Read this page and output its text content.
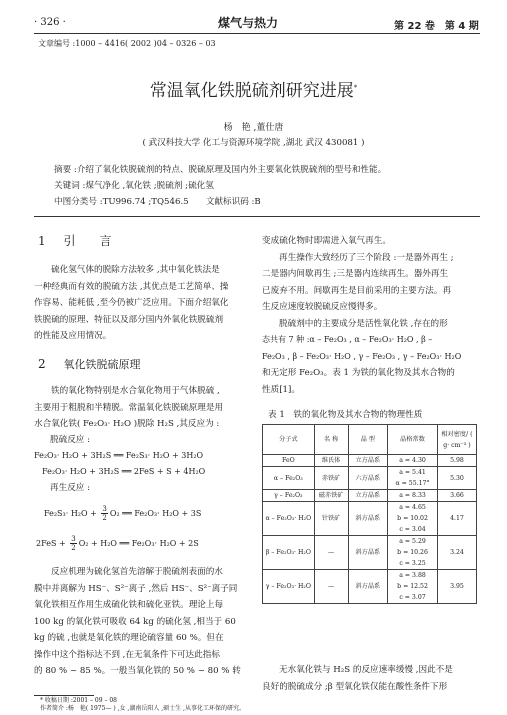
· 326 ·	煤气与热力	第 22 卷　第 4 期
文章编号 :1000 – 4416( 2002 )04 – 0326 – 03
常温氧化铁脱硫剂研究进展*
杨　艳 ,董仕唐
( 武汉科技大学 化工与资源环境学院 ,湖北 武汉 430081 )
摘要 :介绍了氧化铁脱硫剂的特点、脱硫原理及国内外主要氧化铁脱硫剂的型号和性能。
关键词 :煤气净化 ,氧化铁 ;脱硫剂 ;硫化氢
中图分类号 :TU996.74 ;TQ546.5　　文献标识码 :B
1 引　　言
硫化氢气体的脱除方法较多 ,其中氧化铁法是
一种经典而有效的脱硫方法 ,其优点是工艺简单、操
作容易、能耗低 ,至今仍被广泛应用。下面介绍氧化
铁脱硫的原理、特征以及部分国内外氧化铁脱硫剂
的性能及应用情况。
2 氧化铁脱硫原理
铁的氧化物特别是水合氧化物用于气体脱硫 ,
主要用于粗脱和半精脱。常温氧化铁脱硫原理是用
水合氧化铁( Fe₂O₃· H₂O )脱除 H₂S ,其反应为 :
脱硫反应 :
Fe₂O₃· H₂O + 3H₂S ══ Fe₂S₃· H₂O + 3H₂O
Fe₂O₃· H₂O + 3H₂S ══ 2FeS + S + 4H₂O
再生反应 :
$Fe_2S_3\cdot H_2O + \frac{3}{2} O_2$ ══ Fe₂O₃· H₂O + 3S
$2FeS + \frac{3}{2} O_2 + H_2O$ ══ Fe₂O₃· H₂O + 2S
反应机理为硫化氢首先溶解于脱硫剂表面的水
膜中并离解为 HS⁻、S²⁻离子 ,然后 HS⁻、S²⁻离子同
氧化铁相互作用生成硫化铁和硫化亚铁。理论上每
100 kg 的氧化铁可吸收 64 kg 的硫化氢 ,相当于 60
kg 的硫 ,也就是氧化铁的理论硫容量 60 %。但在
操作中这个指标达不到 ,在无氧条件下可达此指标
的 80 % ~ 85 %。一般当氧化铁的 50 % ~ 80 % 转
变成硫化物时即需进入氧气再生。
再生操作大致经历了三个阶段 :一是器外再生 ;
二是器内间歇再生 ;三是器内连续再生。器外再生
已废弃不用。间歇再生是目前采用的主要方法。再
生反应速度较脱硫反应慢得多。
脱硫剂中的主要成分是活性氧化铁 ,存在的形
态共有 7 种 :α – Fe₂O₃ , α – Fe₂O₃· H₂O , β –
Fe₂O₃ , β – Fe₂O₃· H₂O , γ – Fe₂O₃ , γ – Fe₂O₃· H₂O
和无定形 Fe₂O₃。表 1 为铁的氧化物及其水合物的
性质[1]。
表 1　铁的氧化物及其水合物的物理性质
分子式	名 称	晶 型	晶格常数	相对密度/ ( g· cm⁻³ )
FeO	维氏体	立方晶系	a = 4.30	5.98
α – Fe₂O₃	赤铁矿	六方晶系	a = 5.41
α = 55.17°	5.30
γ – Fe₂O₃	磁赤铁矿	立方晶系	a = 8.33	3.66
α – Fe₂O₃· H₂O	针铁矿	斜方晶系	a = 4.65
b = 10.02
c = 3.04	4.17
β – Fe₂O₃· H₂O	—	斜方晶系	a = 5.29
b = 10.26
c = 3.25	3.24
γ – Fe₂O₃· H₂O	—	斜方晶系	a = 3.88
b = 12.52
c = 3.07	3.95
无水氧化铁与 H₂S 的反应速率缓慢 ,因此不是
良好的脱硫成分 ;β 型氧化铁仅能在酸性条件下形
* 收稿日期 :2001 – 09 – 08
作者简介 :杨　艳( 1975— ) ,女 ,湖南岳阳人 ,硕士生 ,从事化工环保的研究。
